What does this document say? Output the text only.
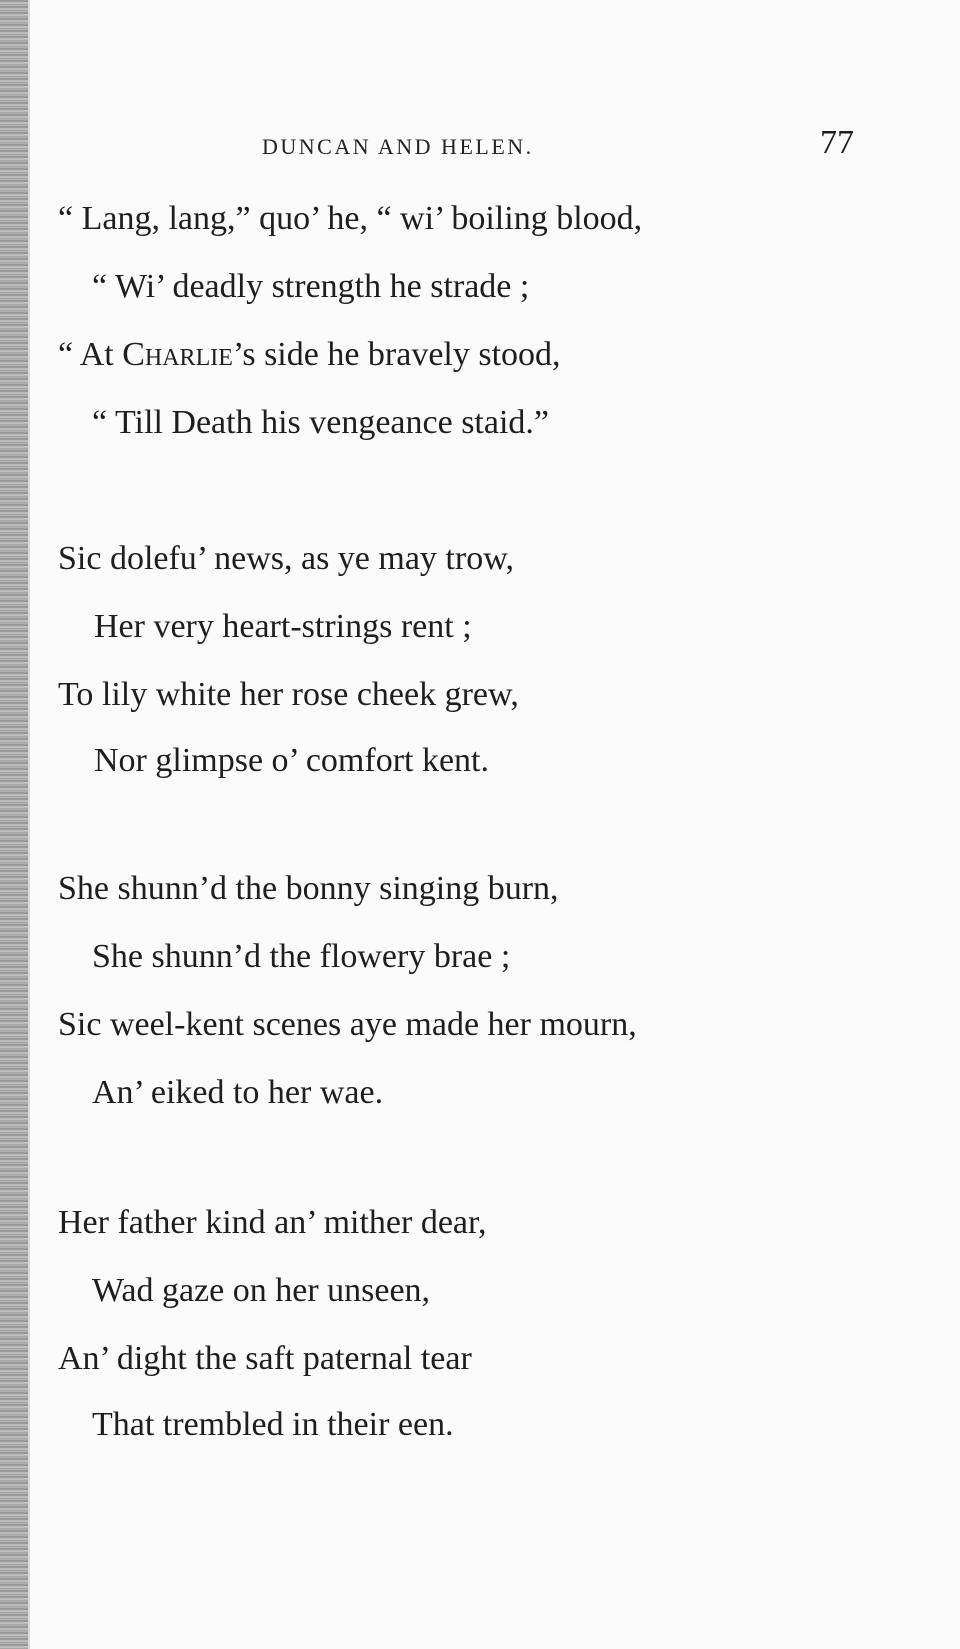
DUNCAN AND HELEN.	77
“ Lang, lang,” quo’ he, “ wi’ boiling blood,
“ Wi’ deadly strength he strade ;
“ At Charlie’s side he bravely stood,
“ Till Death his vengeance staid.”
Sic dolefu’ news, as ye may trow,
Her very heart-strings rent ;
To lily white her rose cheek grew,
Nor glimpse o’ comfort kent.
She shunn’d the bonny singing burn,
She shunn’d the flowery brae ;
Sic weel-kent scenes aye made her mourn,
An’ eiked to her wae.
Her father kind an’ mither dear,
Wad gaze on her unseen,
An’ dight the saft paternal tear
That trembled in their een.
